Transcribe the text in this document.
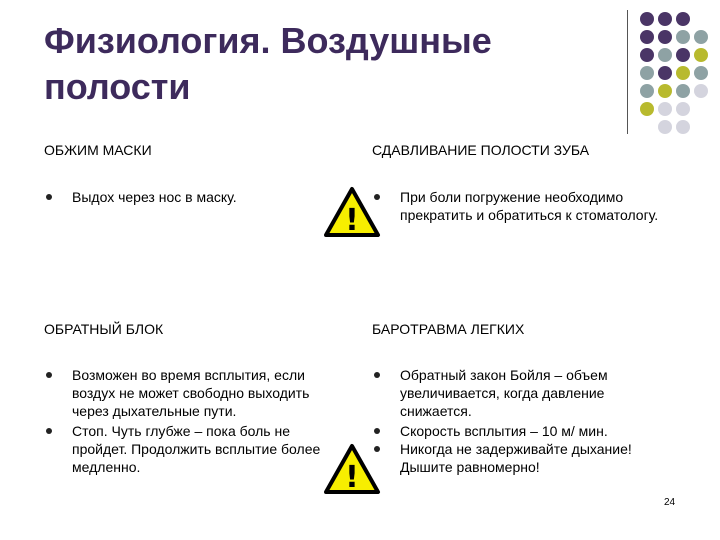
Физиология. Воздушные полости
ОБЖИМ МАСКИ
Выдох через нос в маску.
СДАВЛИВАНИЕ ПОЛОСТИ ЗУБА
При боли погружение необходимо прекратить и обратиться к стоматологу.
!
ОБРАТНЫЙ БЛОК
Возможен во время всплытия, если воздух не может свободно выходить через дыхательные пути.
Стоп. Чуть глубже – пока боль не пройдет. Продолжить всплытие более медленно.
БАРОТРАВМА ЛЕГКИХ
Обратный закон Бойля – объем увеличивается, когда давление снижается.
Скорость всплытия – 10 м/ мин.
Никогда не задерживайте дыхание! Дышите равномерно!
!
24
